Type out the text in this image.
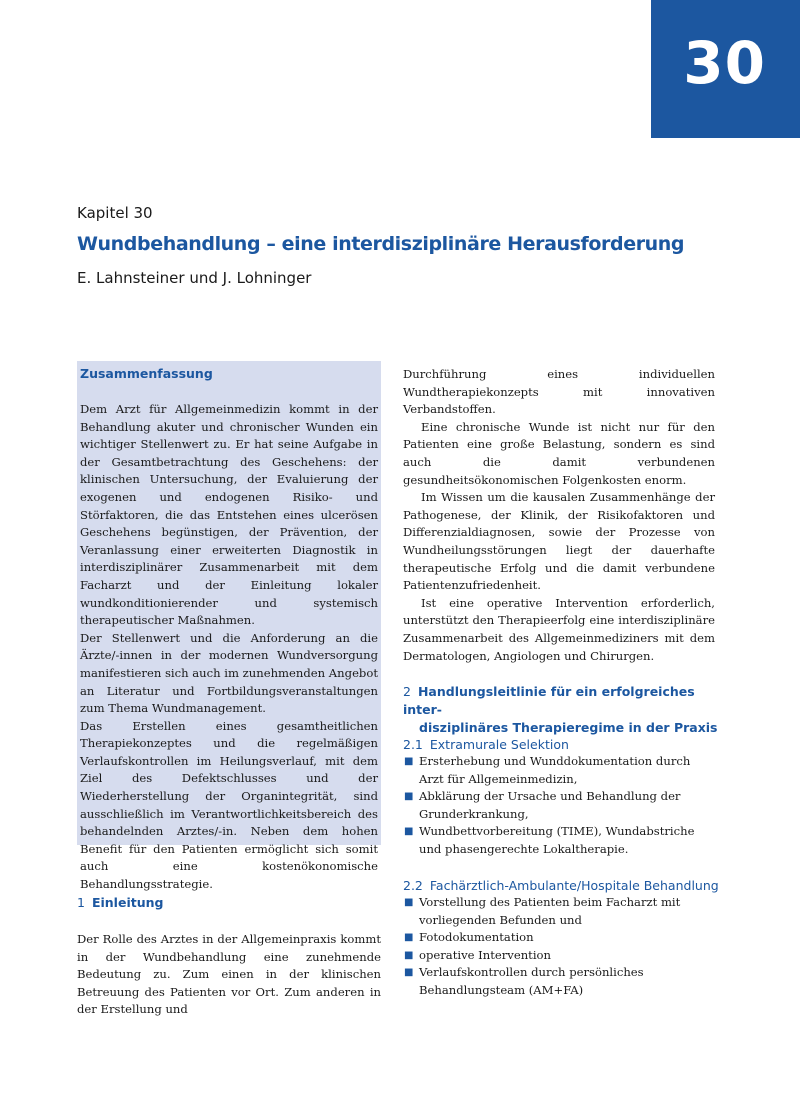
30
Kapitel 30
Wundbehandlung – eine interdisziplinäre Herausforderung
E. Lahnsteiner und J. Lohninger
Zusammenfassung

Dem Arzt für Allgemeinmedizin kommt in der Behandlung akuter und chronischer Wunden ein wichtiger Stellenwert zu. Er hat seine Aufgabe in der Gesamtbetrachtung des Geschehens: der klinischen Untersuchung, der Evaluierung der exogenen und endogenen Risiko- und Störfaktoren, die das Entstehen eines ulcerösen Geschehens begünstigen, der Prävention, der Veranlassung einer erweiterten Diagnostik in interdisziplinärer Zusammenarbeit mit dem Facharzt und der Einleitung lokaler wundkonditionierender und systemisch therapeutischer Maßnahmen.

Der Stellenwert und die Anforderung an die Ärzte/-innen in der modernen Wundversorgung manifestieren sich auch im zunehmenden Angebot an Literatur und Fortbildungsveranstaltungen zum Thema Wundmanagement.

Das Erstellen eines gesamtheitlichen Therapiekonzeptes und die regelmäßigen Verlaufskontrollen im Heilungsverlauf, mit dem Ziel des Defektschlusses und der Wiederherstellung der Organintegrität, sind ausschließlich im Verantwortlichkeitsbereich des behandelnden Arztes/-in. Neben dem hohen Benefit für den Patienten ermöglicht sich somit auch eine kostenökonomische Behandlungsstrategie.

1 Einleitung

Der Rolle des Arztes in der Allgemeinpraxis kommt in der Wundbehandlung eine zunehmende Bedeutung zu. Zum einen in der klinischen Betreuung des Patienten vor Ort. Zum anderen in der Erstellung und

Durchführung eines individuellen Wundtherapiekonzepts mit innovativen Verbandstoffen.

Eine chronische Wunde ist nicht nur für den Patienten eine große Belastung, sondern es sind auch die damit verbundenen gesundheitsökonomischen Folgenkosten enorm.

Im Wissen um die kausalen Zusammenhänge der Pathogenese, der Klinik, der Risikofaktoren und Differenzialdiagnosen, sowie der Prozesse von Wundheilungsstörungen liegt der dauerhafte therapeutische Erfolg und die damit verbundene Patientenzufriedenheit.

Ist eine operative Intervention erforderlich, unterstützt den Therapieerfolg eine interdisziplinäre Zusammenarbeit des Allgemeinmediziners mit dem Dermatologen, Angiologen und Chirurgen.

2 Handlungsleitlinie für ein erfolgreiches inter-
disziplinäres Therapieregime in der Praxis
2.1 Extramurale Selektion
■ Ersterhebung und Wunddokumentation durch Arzt für Allgemeinmedizin,
■ Abklärung der Ursache und Behandlung der Grunderkrankung,
■ Wundbettvorbereitung (TIME), Wundabstriche und phasengerechte Lokaltherapie.
2.2 Fachärztlich-Ambulante/Hospitale Behandlung
■ Vorstellung des Patienten beim Facharzt mit vorliegenden Befunden und
■ Fotodokumentation
■ operative Intervention
■ Verlaufskontrollen durch persönliches Behandlungsteam (AM+FA)
